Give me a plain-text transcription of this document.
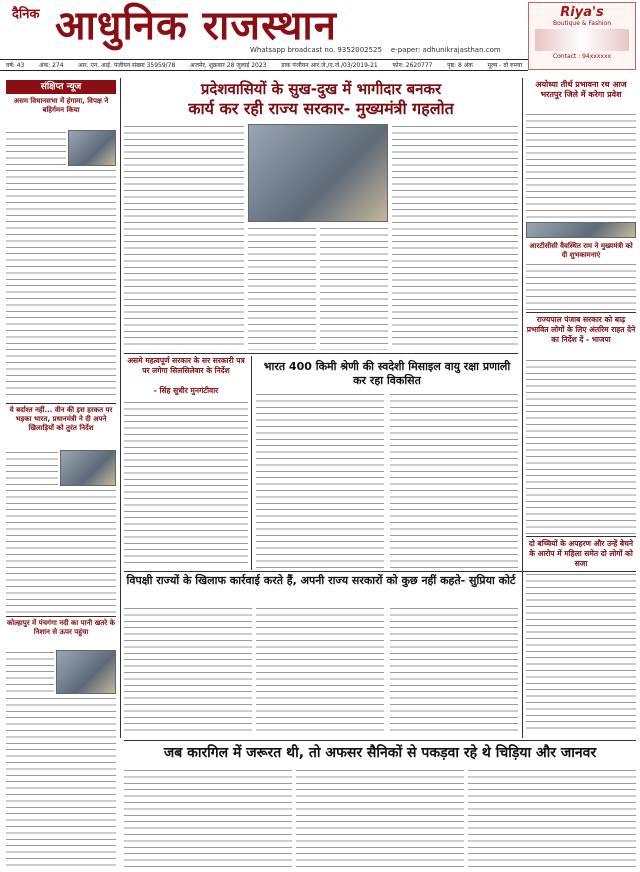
दैनिक आधुनिक राजस्थान
Whatsapp broadcast no. 9352002525 e-paper: adhunikrajasthan.com
Riya's
Boutique & Fashion
Contact : 94xxxxxx
वर्ष: 43 अंक: 274 आर. एन. आई. पंजीयन संख्या 35959/78 अजमेर, शुक्रवार 28 जुलाई 2023 डाक पंजीयन आर.जे./ए.जे./03/2019-21 फोन: 2620777 पृष्ठ: 8 अंक मूल्य - दो रुपया
संक्षिप्त न्यूज
असम विधानसभा में हंगामा, विपक्ष ने बहिर्गमन किया
ये बर्दाश्त नहीं... वीन की इस हरकत पर भड़का भारत, प्रधानमंत्री ने दी अपने खिलाड़ियों को तुरंत निर्देश
कोल्हापुर में पंचगंगा नदी का पानी खतरे के निशान से ऊपर पहुंचा
प्रदेशवासियों के सुख-दुख में भागीदार बनकर
कार्य कर रही राज्य सरकार- मुख्यमंत्री गहलोत
असमे महत्वपूर्ण सरकार के सर सरकारी पत्र पर लगेगा सिलसिलेवार के निर्देश
- सिंह सुधीर मुनगंटीवार
भारत 400 किमी श्रेणी की स्वदेशी मिसाइल वायु रक्षा प्रणाली कर रहा विकसित
अयोध्या तीर्थ प्रभावना रथ आज भरतपुर जिले में करेगा प्रवेश
आरटीसीसी वैवस्थित राम ने मुख्यमंत्री को दी शुभकामनाएं
राज्यपाल पंजाब सरकार को बाढ़ प्रभावित लोगों के लिए अंतरिम राहत देने का निर्देश दें - भाजपा
दो बच्चियों के अपहरण और उन्हें बेचने के आरोप में महिला समेत दो लोगों को सजा
विपक्षी राज्यों के खिलाफ कार्रवाई करते हैं, अपनी राज्य सरकारों को कुछ नहीं कहते- सुप्रिया कोर्ट
जब कारगिल में जरूरत थी, तो अफसर सैनिकों से पकड़वा रहे थे चिड़िया और जानवर
